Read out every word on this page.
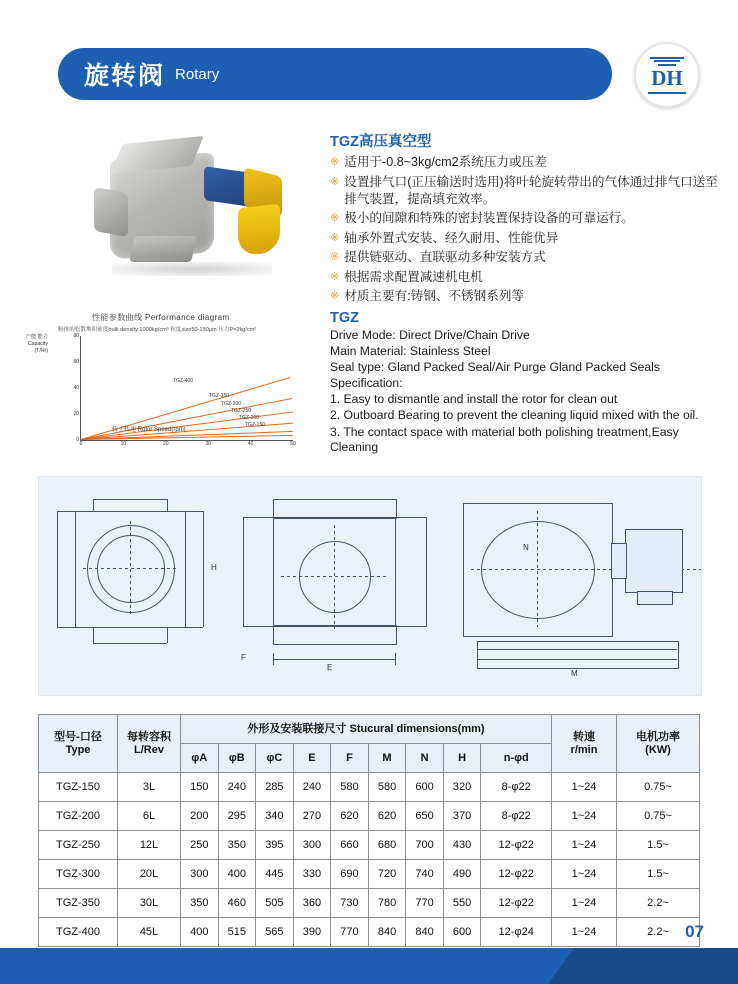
旋转阀 Rotary	DH
TGZ高压真空型
※ 适用于-0.8~3kg/cm2系统压力或压差
※ 设置排气口(正压输送时选用)将叶轮旋转带出的气体通过排气口送至排气装置，提高填充效率。
※ 极小的间隙和特殊的密封装置保持设备的可靠运行。
※ 轴承外置式安装、经久耐用、性能优异
※ 提供链驱动、直联驱动多种安装方式
※ 根据需求配置减速机电机
※ 材质主要有:铸钢、不锈钢系列等
TGZ
Drive Mode: Direct Drive/Chain Drive
Main Material: Stainless Steel
Seal type: Gland Packed Seal/Air Purge Gland Packed Seals
Specification:
1. Easy to dismantle and install the rotor for clean out
2. Outboard Bearing to prevent the cleaning liquid mixed with the oil.
3. The contact space with material both polishing treatment,Easy Cleaning
性能参数曲线 Performance diagram
粉体的松散堆积密度bulk density 1000kg/cm³ 粒度size50-150μm 压力P=2kg/cm²
产能 能力 Capacity (T/Hr)
80
60
40
20
0
0	10	20	30	40	50
TGZ-400
TGZ-350
TGZ-300
TGZ-250
TGZ-200
TGZ-150
转子转速 Rotor Speed(rpm)
H
E
F
M
N
型号-口径
Type

每转容积
L/Rev
	外形及安装联接尺寸 Stucural dimensions(mm)	
转速
r/min

电机功率
(KW)

		φA	φB	φC	E	F	M	N	H	n-φd		
TGZ-150	3L	150	240	285	240	580	580	600	320	8-φ22	1~24	0.75~
TGZ-200	6L	200	295	340	270	620	620	650	370	8-φ22	1~24	0.75~
TGZ-250	12L	250	350	395	300	660	680	700	430	12-φ22	1~24	1.5~
TGZ-300	20L	300	400	445	330	690	720	740	490	12-φ22	1~24	1.5~
TGZ-350	30L	350	460	505	360	730	780	770	550	12-φ22	1~24	2.2~
TGZ-400	45L	400	515	565	390	770	840	840	600	12-φ24	1~24	2.2~ 07
